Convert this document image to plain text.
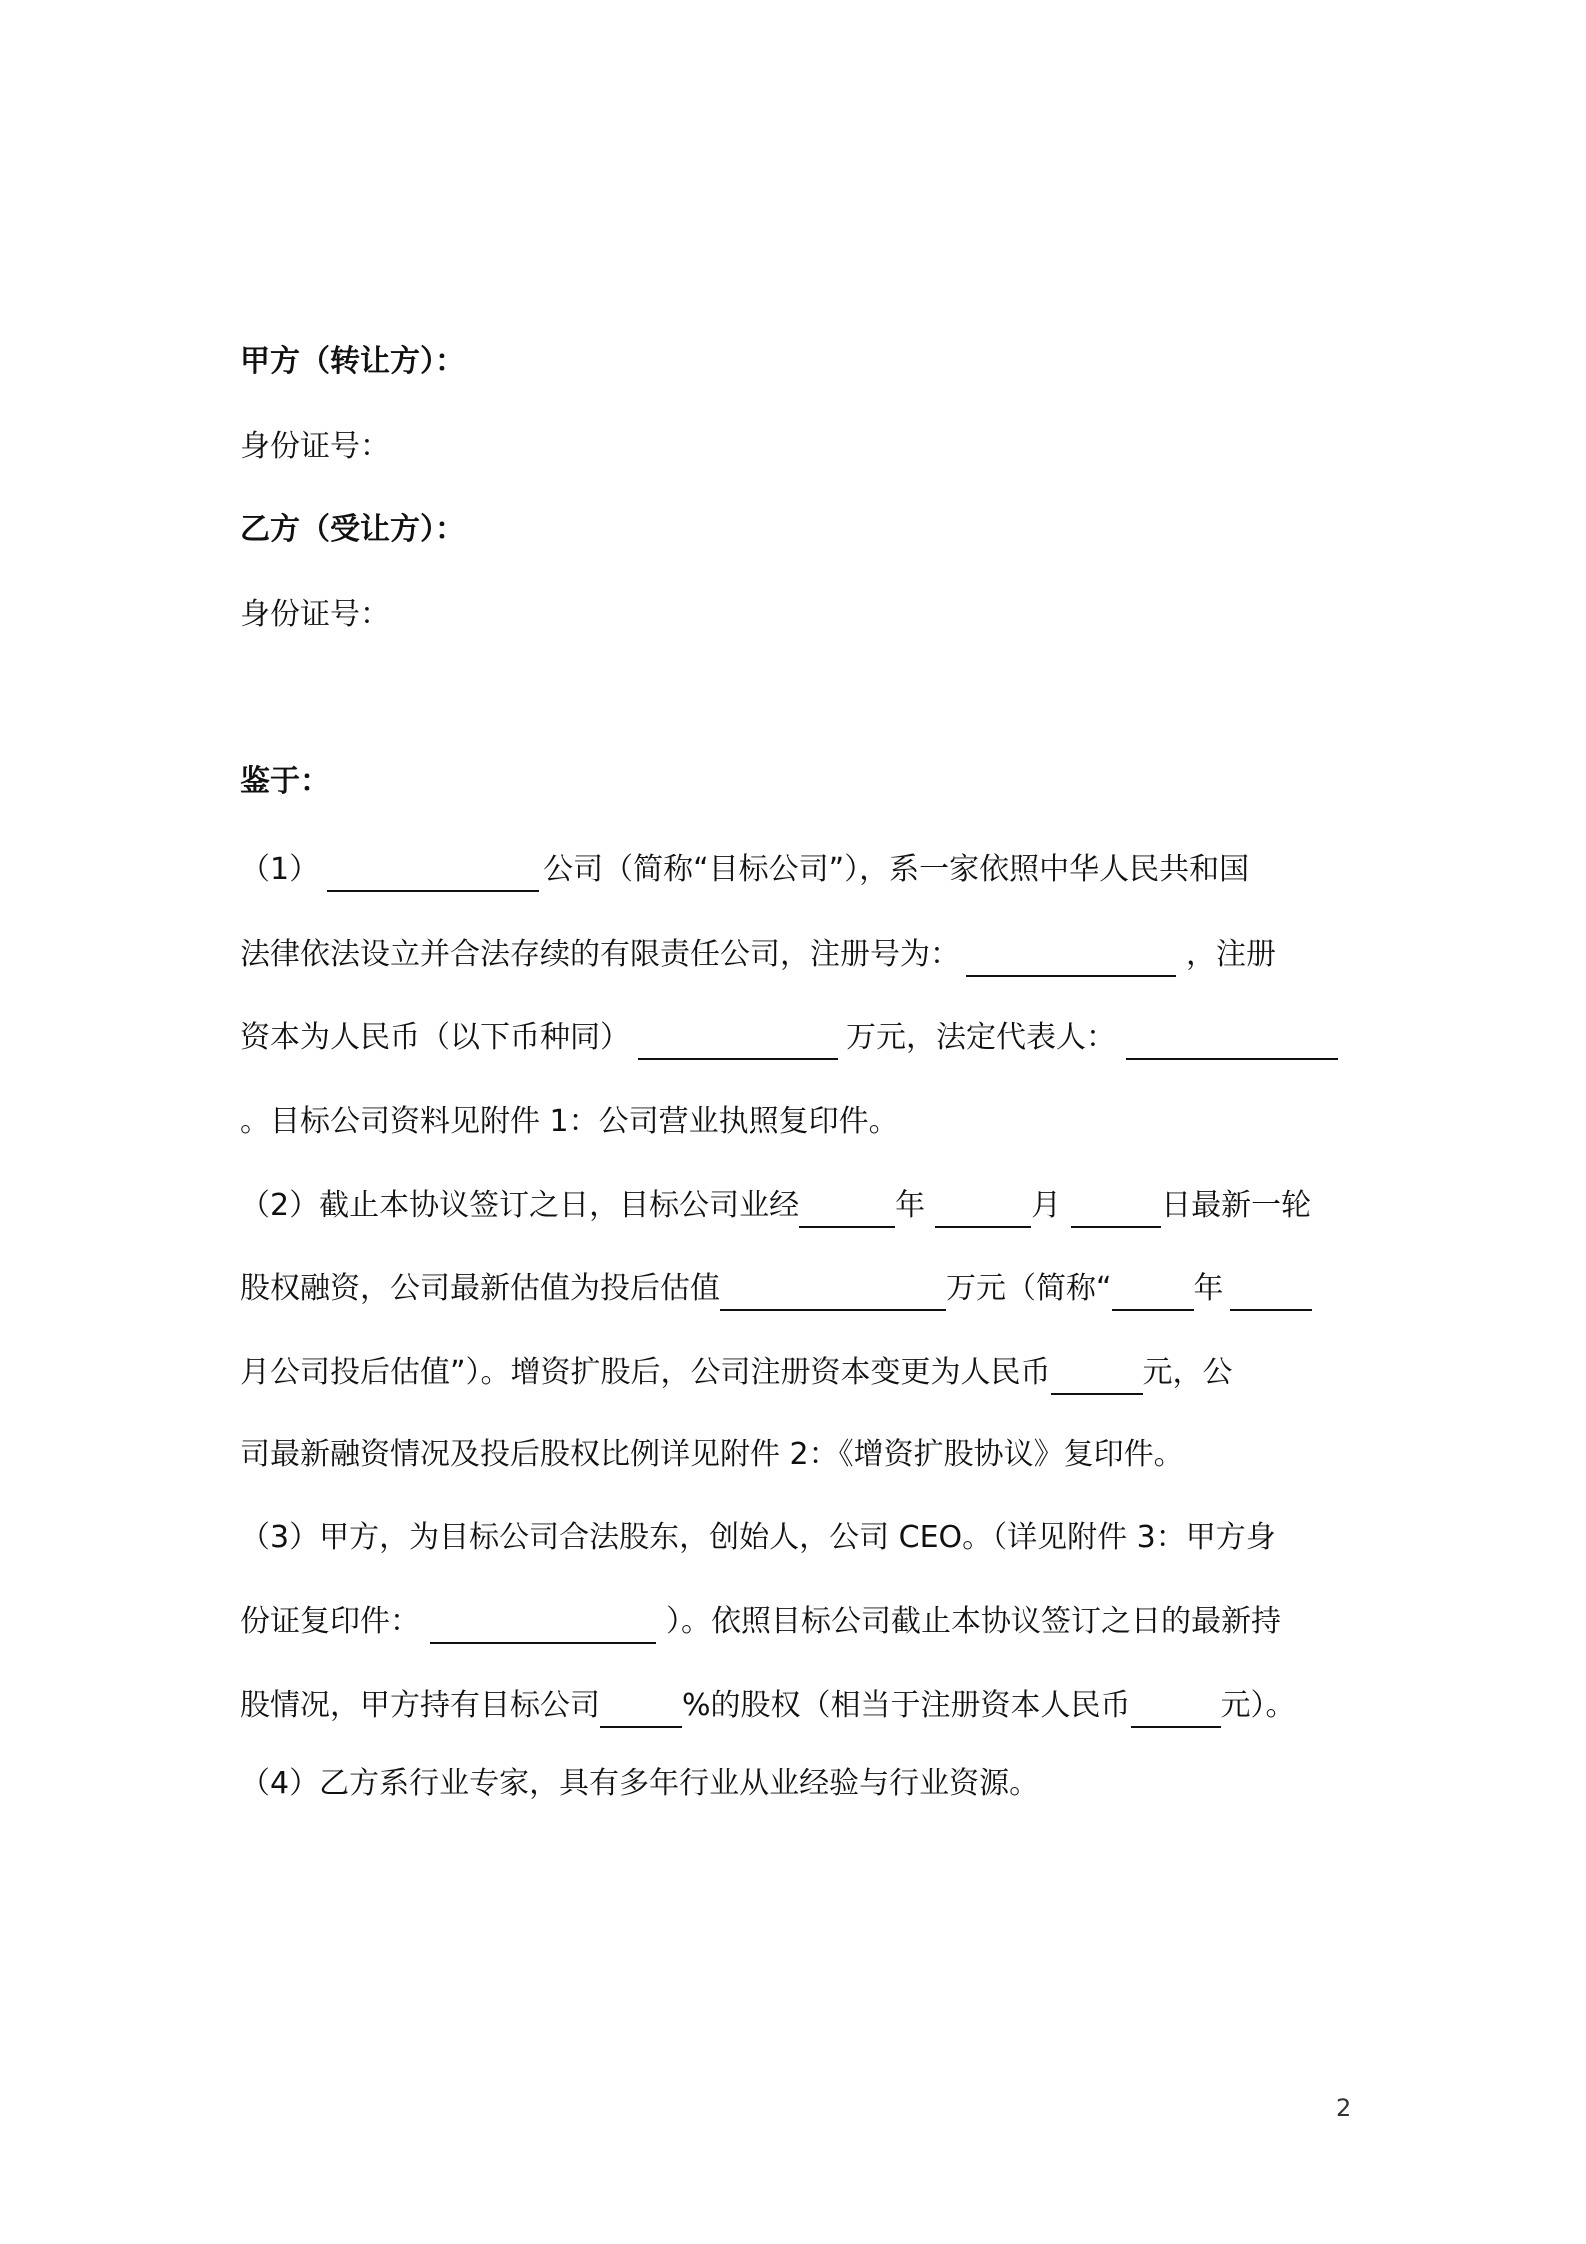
甲方（转让方）：
身份证号：
乙方（受让方）：
身份证号：
鉴于：
（1）	公司（简称“目标公司”），系一家依照中华人民共和国
法律依法设立并合法存续的有限责任公司，注册号为：	，注册
资本为人民币（以下币种同）	万元，法定代表人：
。目标公司资料见附件 1：公司营业执照复印件。
（2）截止本协议签订之日，目标公司业经	年	月	日最新一轮
股权融资，公司最新估值为投后估值	万元（简称“	年
月公司投后估值”）。增资扩股后，公司注册资本变更为人民币	元，公
司最新融资情况及投后股权比例详见附件 2：《增资扩股协议》复印件。
（3）甲方，为目标公司合法股东，创始人，公司 CEO。（详见附件 3：甲方身
份证复印件：	）。依照目标公司截止本协议签订之日的最新持
股情况，甲方持有目标公司	%的股权（相当于注册资本人民币	元）。
（4）乙方系行业专家，具有多年行业从业经验与行业资源。
2
